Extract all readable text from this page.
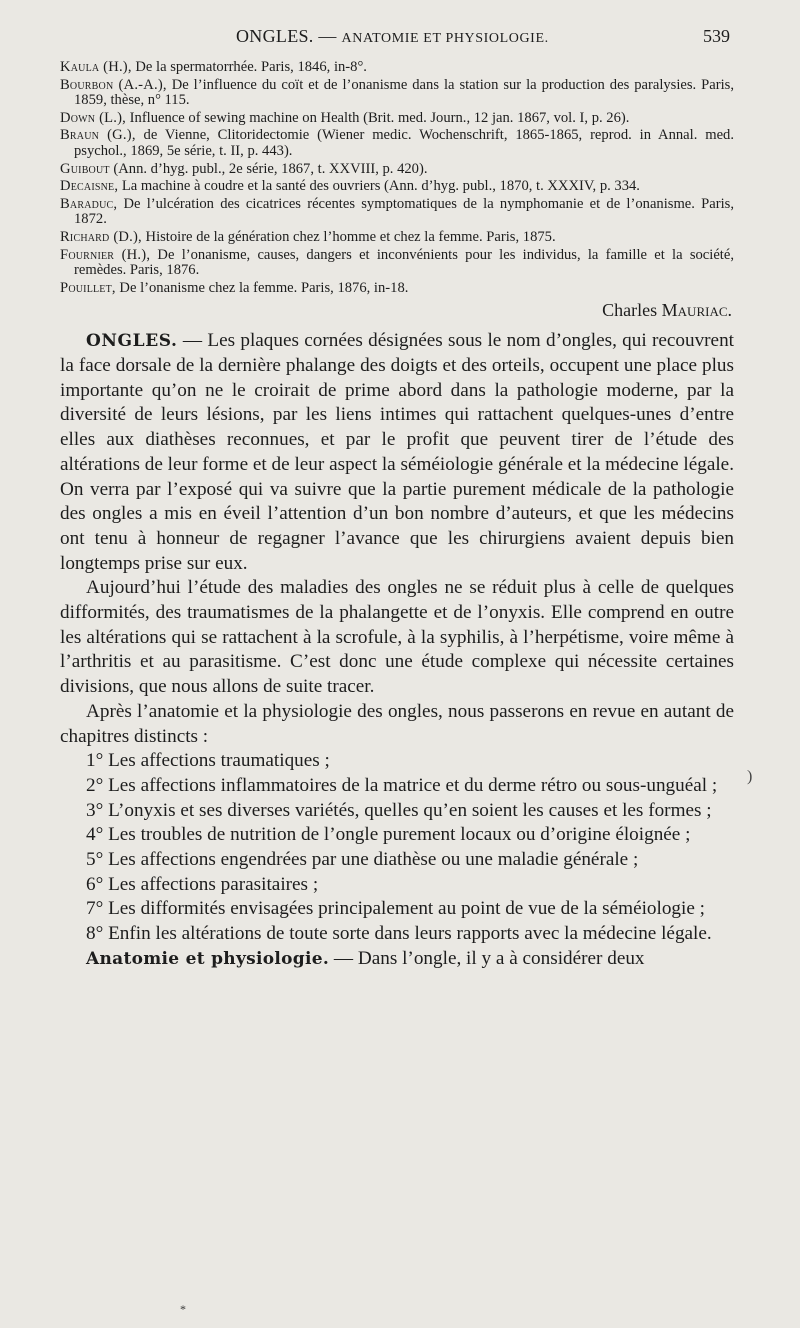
ONGLES. — ANATOMIE ET PHYSIOLOGIE.	539

Kaula (H.), De la spermatorrhée. Paris, 1846, in-8°.

Bourbon (A.-A.), De l’influence du coït et de l’onanisme dans la station sur la production des paralysies. Paris, 1859, thèse, n° 115.

Down (L.), Influence of sewing machine on Health (Brit. med. Journ., 12 jan. 1867, vol. I, p. 26).

Braun (G.), de Vienne, Clitoridectomie (Wiener medic. Wochenschrift, 1865-1865, reprod. in Annal. med. psychol., 1869, 5e série, t. II, p. 443).

Guibout (Ann. d’hyg. publ., 2e série, 1867, t. XXVIII, p. 420).

Decaisne, La machine à coudre et la santé des ouvriers (Ann. d’hyg. publ., 1870, t. XXXIV, p. 334.

Baraduc, De l’ulcération des cicatrices récentes symptomatiques de la nymphomanie et de l’onanisme. Paris, 1872.

Richard (D.), Histoire de la génération chez l’homme et chez la femme. Paris, 1875.

Fournier (H.), De l’onanisme, causes, dangers et inconvénients pour les individus, la famille et la société, remèdes. Paris, 1876.

Pouillet, De l’onanisme chez la femme. Paris, 1876, in-18.

Charles Mauriac.

ONGLES. — Les plaques cornées désignées sous le nom d’ongles, qui recouvrent la face dorsale de la dernière phalange des doigts et des orteils, occupent une place plus importante qu’on ne le croirait de prime abord dans la pathologie moderne, par la diversité de leurs lésions, par les liens intimes qui rattachent quelques-unes d’entre elles aux diathèses reconnues, et par le profit que peuvent tirer de l’étude des altérations de leur forme et de leur aspect la séméiologie générale et la médecine légale. On verra par l’exposé qui va suivre que la partie purement médicale de la pathologie des ongles a mis en éveil l’attention d’un bon nombre d’auteurs, et que les médecins ont tenu à honneur de regagner l’avance que les chirurgiens avaient depuis bien longtemps prise sur eux.

Aujourd’hui l’étude des maladies des ongles ne se réduit plus à celle de quelques difformités, des traumatismes de la phalangette et de l’onyxis. Elle comprend en outre les altérations qui se rattachent à la scrofule, à la syphilis, à l’herpétisme, voire même à l’arthritis et au parasitisme. C’est donc une étude complexe qui nécessite certaines divisions, que nous allons de suite tracer.

Après l’anatomie et la physiologie des ongles, nous passerons en revue en autant de chapitres distincts :

1° Les affections traumatiques ;

2° Les affections inflammatoires de la matrice et du derme rétro ou sous-unguéal ;

3° L’onyxis et ses diverses variétés, quelles qu’en soient les causes et les formes ;

4° Les troubles de nutrition de l’ongle purement locaux ou d’origine éloignée ;

5° Les affections engendrées par une diathèse ou une maladie générale ;

6° Les affections parasitaires ;

7° Les difformités envisagées principalement au point de vue de la séméiologie ;

8° Enfin les altérations de toute sorte dans leurs rapports avec la médecine légale.

Anatomie et physiologie. — Dans l’ongle, il y a à considérer deux

)
*
